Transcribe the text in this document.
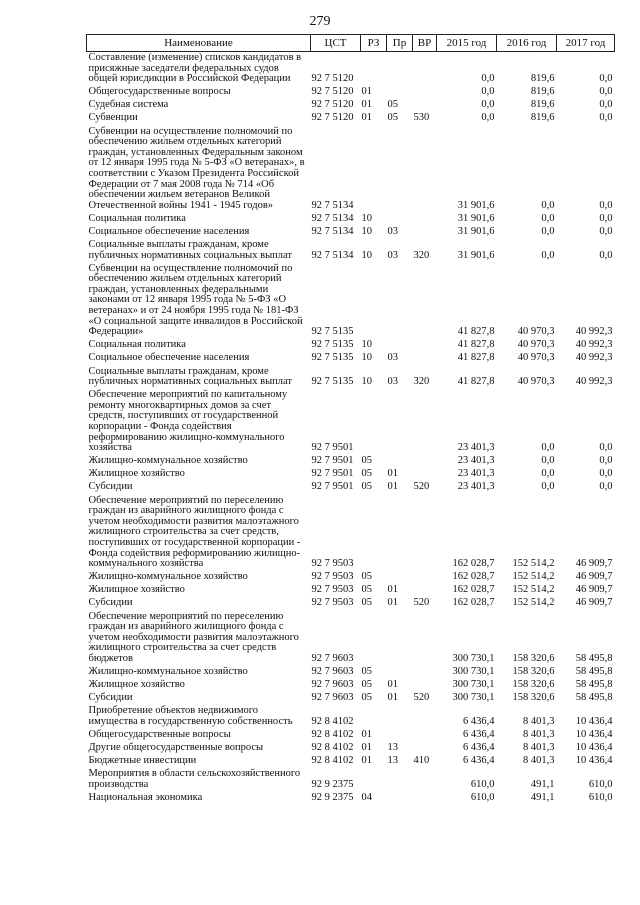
279
Наименование	ЦСТ	РЗ	Пр	ВР	2015 год	2016 год	2017 год
Составление (изменение) списков кандидатов в присяжные заседатели федеральных судов общей юрисдикции в Российской Федерации	92 7 5120				0,0	819,6	0,0
Общегосударственные вопросы	92 7 5120	01			0,0	819,6	0,0
Судебная система	92 7 5120	01	05		0,0	819,6	0,0
Субвенции	92 7 5120	01	05	530	0,0	819,6	0,0
Субвенции на осуществление полномочий по обеспечению жильем отдельных категорий граждан, установленных Федеральным законом от 12 января 1995 года № 5-ФЗ «О ветеранах», в соответствии с Указом Президента Российской Федерации от 7 мая 2008 года № 714 «Об обеспечении жильем ветеранов Великой Отечественной войны 1941 - 1945 годов»	92 7 5134				31 901,6	0,0	0,0
Социальная политика	92 7 5134	10			31 901,6	0,0	0,0
Социальное обеспечение населения	92 7 5134	10	03		31 901,6	0,0	0,0
Социальные выплаты гражданам, кроме публичных нормативных социальных выплат	92 7 5134	10	03	320	31 901,6	0,0	0,0
Субвенции на осуществление полномочий по обеспечению жильем отдельных категорий граждан, установленных федеральными законами от 12 января 1995 года № 5-ФЗ «О ветеранах» и от 24 ноября 1995 года № 181-ФЗ «О социальной защите инвалидов в Российской Федерации»	92 7 5135				41 827,8	40 970,3	40 992,3
Социальная политика	92 7 5135	10			41 827,8	40 970,3	40 992,3
Социальное обеспечение населения	92 7 5135	10	03		41 827,8	40 970,3	40 992,3
Социальные выплаты гражданам, кроме публичных нормативных социальных выплат	92 7 5135	10	03	320	41 827,8	40 970,3	40 992,3
Обеспечение мероприятий по капитальному ремонту многоквартирных домов за счет средств, поступивших от государственной корпорации - Фонда содействия реформированию жилищно-коммунального хозяйства	92 7 9501				23 401,3	0,0	0,0
Жилищно-коммунальное хозяйство	92 7 9501	05			23 401,3	0,0	0,0
Жилищное хозяйство	92 7 9501	05	01		23 401,3	0,0	0,0
Субсидии	92 7 9501	05	01	520	23 401,3	0,0	0,0
Обеспечение мероприятий по переселению граждан из аварийного жилищного фонда с учетом необходимости развития малоэтажного жилищного строительства за счет средств, поступивших от государственной корпорации - Фонда содействия реформированию жилищно-коммунального хозяйства	92 7 9503				162 028,7	152 514,2	46 909,7
Жилищно-коммунальное хозяйство	92 7 9503	05			162 028,7	152 514,2	46 909,7
Жилищное хозяйство	92 7 9503	05	01		162 028,7	152 514,2	46 909,7
Субсидии	92 7 9503	05	01	520	162 028,7	152 514,2	46 909,7
Обеспечение мероприятий по переселению граждан из аварийного жилищного фонда с учетом необходимости развития малоэтажного жилищного строительства за счет средств бюджетов	92 7 9603				300 730,1	158 320,6	58 495,8
Жилищно-коммунальное хозяйство	92 7 9603	05			300 730,1	158 320,6	58 495,8
Жилищное хозяйство	92 7 9603	05	01		300 730,1	158 320,6	58 495,8
Субсидии	92 7 9603	05	01	520	300 730,1	158 320,6	58 495,8
Приобретение объектов недвижимого имущества в государственную собственность	92 8 4102				6 436,4	8 401,3	10 436,4
Общегосударственные вопросы	92 8 4102	01			6 436,4	8 401,3	10 436,4
Другие общегосударственные вопросы	92 8 4102	01	13		6 436,4	8 401,3	10 436,4
Бюджетные инвестиции	92 8 4102	01	13	410	6 436,4	8 401,3	10 436,4
Мероприятия в области сельскохозяйственного производства	92 9 2375				610,0	491,1	610,0
Национальная экономика	92 9 2375	04			610,0	491,1	610,0
